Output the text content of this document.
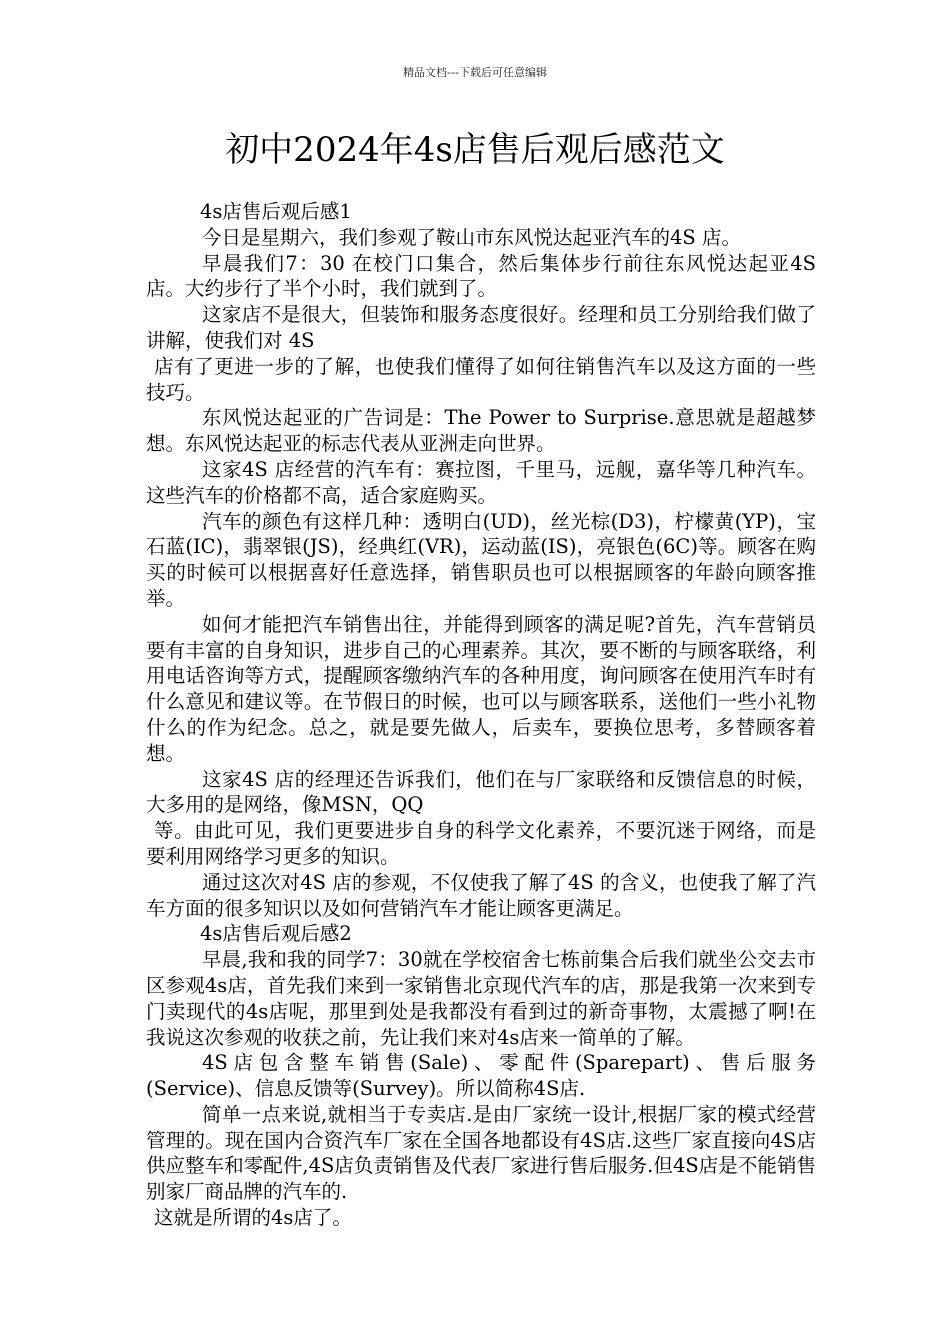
精品文档---下载后可任意编辑
初中2024年4s店售后观后感范文

4s店售后观后感1

今日是星期六，我们参观了鞍山市东风悦达起亚汽车的4S 店。

早晨我们7：30 在校门口集合，然后集体步行前往东风悦达起亚4S 店。大约步行了半个小时，我们就到了。

这家店不是很大，但装饰和服务态度很好。经理和员工分别给我们做了讲解，使我们对 4S

店有了更进一步的了解，也使我们懂得了如何往销售汽车以及这方面的一些技巧。

东风悦达起亚的广告词是：The Power to Surprise.意思就是超越梦想。东风悦达起亚的标志代表从亚洲走向世界。

这家4S 店经营的汽车有：赛拉图，千里马，远舰，嘉华等几种汽车。这些汽车的价格都不高，适合家庭购买。

汽车的颜色有这样几种：透明白(UD)，丝光棕(D3)，柠檬黄(YP)，宝石蓝(IC)，翡翠银(JS)，经典红(VR)，运动蓝(IS)，亮银色(6C)等。顾客在购买的时候可以根据喜好任意选择，销售职员也可以根据顾客的年龄向顾客推举。

如何才能把汽车销售出往，并能得到顾客的满足呢?首先，汽车营销员要有丰富的自身知识，进步自己的心理素养。其次，要不断的与顾客联络，利用电话咨询等方式，提醒顾客缴纳汽车的各种用度，询问顾客在使用汽车时有什么意见和建议等。在节假日的时候，也可以与顾客联系，送他们一些小礼物什么的作为纪念。总之，就是要先做人，后卖车，要换位思考，多替顾客着想。

这家4S 店的经理还告诉我们，他们在与厂家联络和反馈信息的时候，大多用的是网络，像MSN，QQ

等。由此可见，我们更要进步自身的科学文化素养，不要沉迷于网络，而是要利用网络学习更多的知识。

通过这次对4S 店的参观，不仅使我了解了4S 的含义，也使我了解了汽车方面的很多知识以及如何营销汽车才能让顾客更满足。

4s店售后观后感2

早晨,我和我的同学7：30就在学校宿舍七栋前集合后我们就坐公交去市区参观4s店，首先我们来到一家销售北京现代汽车的店，那是我第一次来到专门卖现代的4s店呢，那里到处是我都没有看到过的新奇事物，太震撼了啊!在我说这次参观的收获之前，先让我们来对4s店来一简单的了解。

4S店包含整车销售(Sale)、零配件(Sparepart)、售后服务(Service)、信息反馈等(Survey)。所以简称4S店.

简单一点来说,就相当于专卖店.是由厂家统一设计,根据厂家的模式经营管理的。现在国内合资汽车厂家在全国各地都设有4S店.这些厂家直接向4S店供应整车和零配件,4S店负责销售及代表厂家进行售后服务.但4S店是不能销售别家厂商品牌的汽车的.

这就是所谓的4s店了。
